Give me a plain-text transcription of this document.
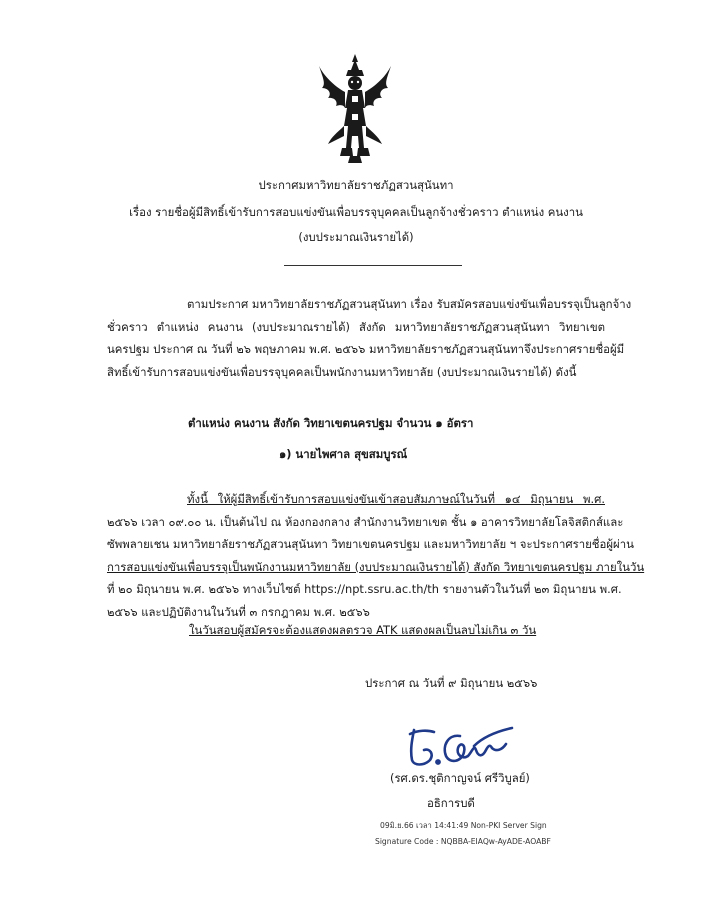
ประกาศมหาวิทยาลัยราชภัฏสวนสุนันทา
เรื่อง รายชื่อผู้มีสิทธิ์เข้ารับการสอบแข่งขันเพื่อบรรจุบุคคลเป็นลูกจ้างชั่วคราว ตำแหน่ง คนงาน
(งบประมาณเงินรายได้)
ตามประกาศ มหาวิทยาลัยราชภัฏสวนสุนันทา เรื่อง รับสมัครสอบแข่งขันเพื่อบรรจุเป็นลูกจ้าง
ชั่วคราว ตำแหน่ง คนงาน (งบประมาณรายได้) สังกัด มหาวิทยาลัยราชภัฏสวนสุนันทา วิทยาเขต
นครปฐม ประกาศ ณ วันที่ ๒๖ พฤษภาคม พ.ศ. ๒๕๖๖ มหาวิทยาลัยราชภัฏสวนสุนันทาจึงประกาศรายชื่อผู้มี
สิทธิ์เข้ารับการสอบแข่งขันเพื่อบรรจุบุคคลเป็นพนักงานมหาวิทยาลัย (งบประมาณเงินรายได้) ดังนี้
ตำแหน่ง คนงาน สังกัด วิทยาเขตนครปฐม จำนวน ๑ อัตรา
๑) นายไพศาล สุขสมบูรณ์
ทั้งนี้ ให้ผู้มีสิทธิ์เข้ารับการสอบแข่งขันเข้าสอบสัมภาษณ์ในวันที่ ๑๔ มิถุนายน พ.ศ.
๒๕๖๖ เวลา ๐๙.๐๐ น. เป็นต้นไป ณ ห้องกองกลาง สำนักงานวิทยาเขต ชั้น ๑ อาคารวิทยาลัยโลจิสติกส์และ
ซัพพลายเชน มหาวิทยาลัยราชภัฏสวนสุนันทา วิทยาเขตนครปฐม และมหาวิทยาลัย ฯ จะประกาศรายชื่อผู้ผ่าน
การสอบแข่งขันเพื่อบรรจุเป็นพนักงานมหาวิทยาลัย (งบประมาณเงินรายได้) สังกัด วิทยาเขตนครปฐม ภายในวัน
ที่ ๒๐ มิถุนายน พ.ศ. ๒๕๖๖ ทางเว็บไซต์ https://npt.ssru.ac.th/th รายงานตัวในวันที่ ๒๓ มิถุนายน พ.ศ.
๒๕๖๖ และปฏิบัติงานในวันที่ ๓ กรกฎาคม พ.ศ. ๒๕๖๖
ในวันสอบผู้สมัครจะต้องแสดงผลตรวจ ATK แสดงผลเป็นลบไม่เกิน ๓ วัน
ประกาศ ณ วันที่ ๙ มิถุนายน ๒๕๖๖
(รศ.ดร.ชุติกาญจน์ ศรีวิบูลย์)
อธิการบดี
09มิ.ย.66 เวลา 14:41:49 Non-PKI Server Sign
Signature Code : NQBBA-EIAQw-AyADE-AOABF
